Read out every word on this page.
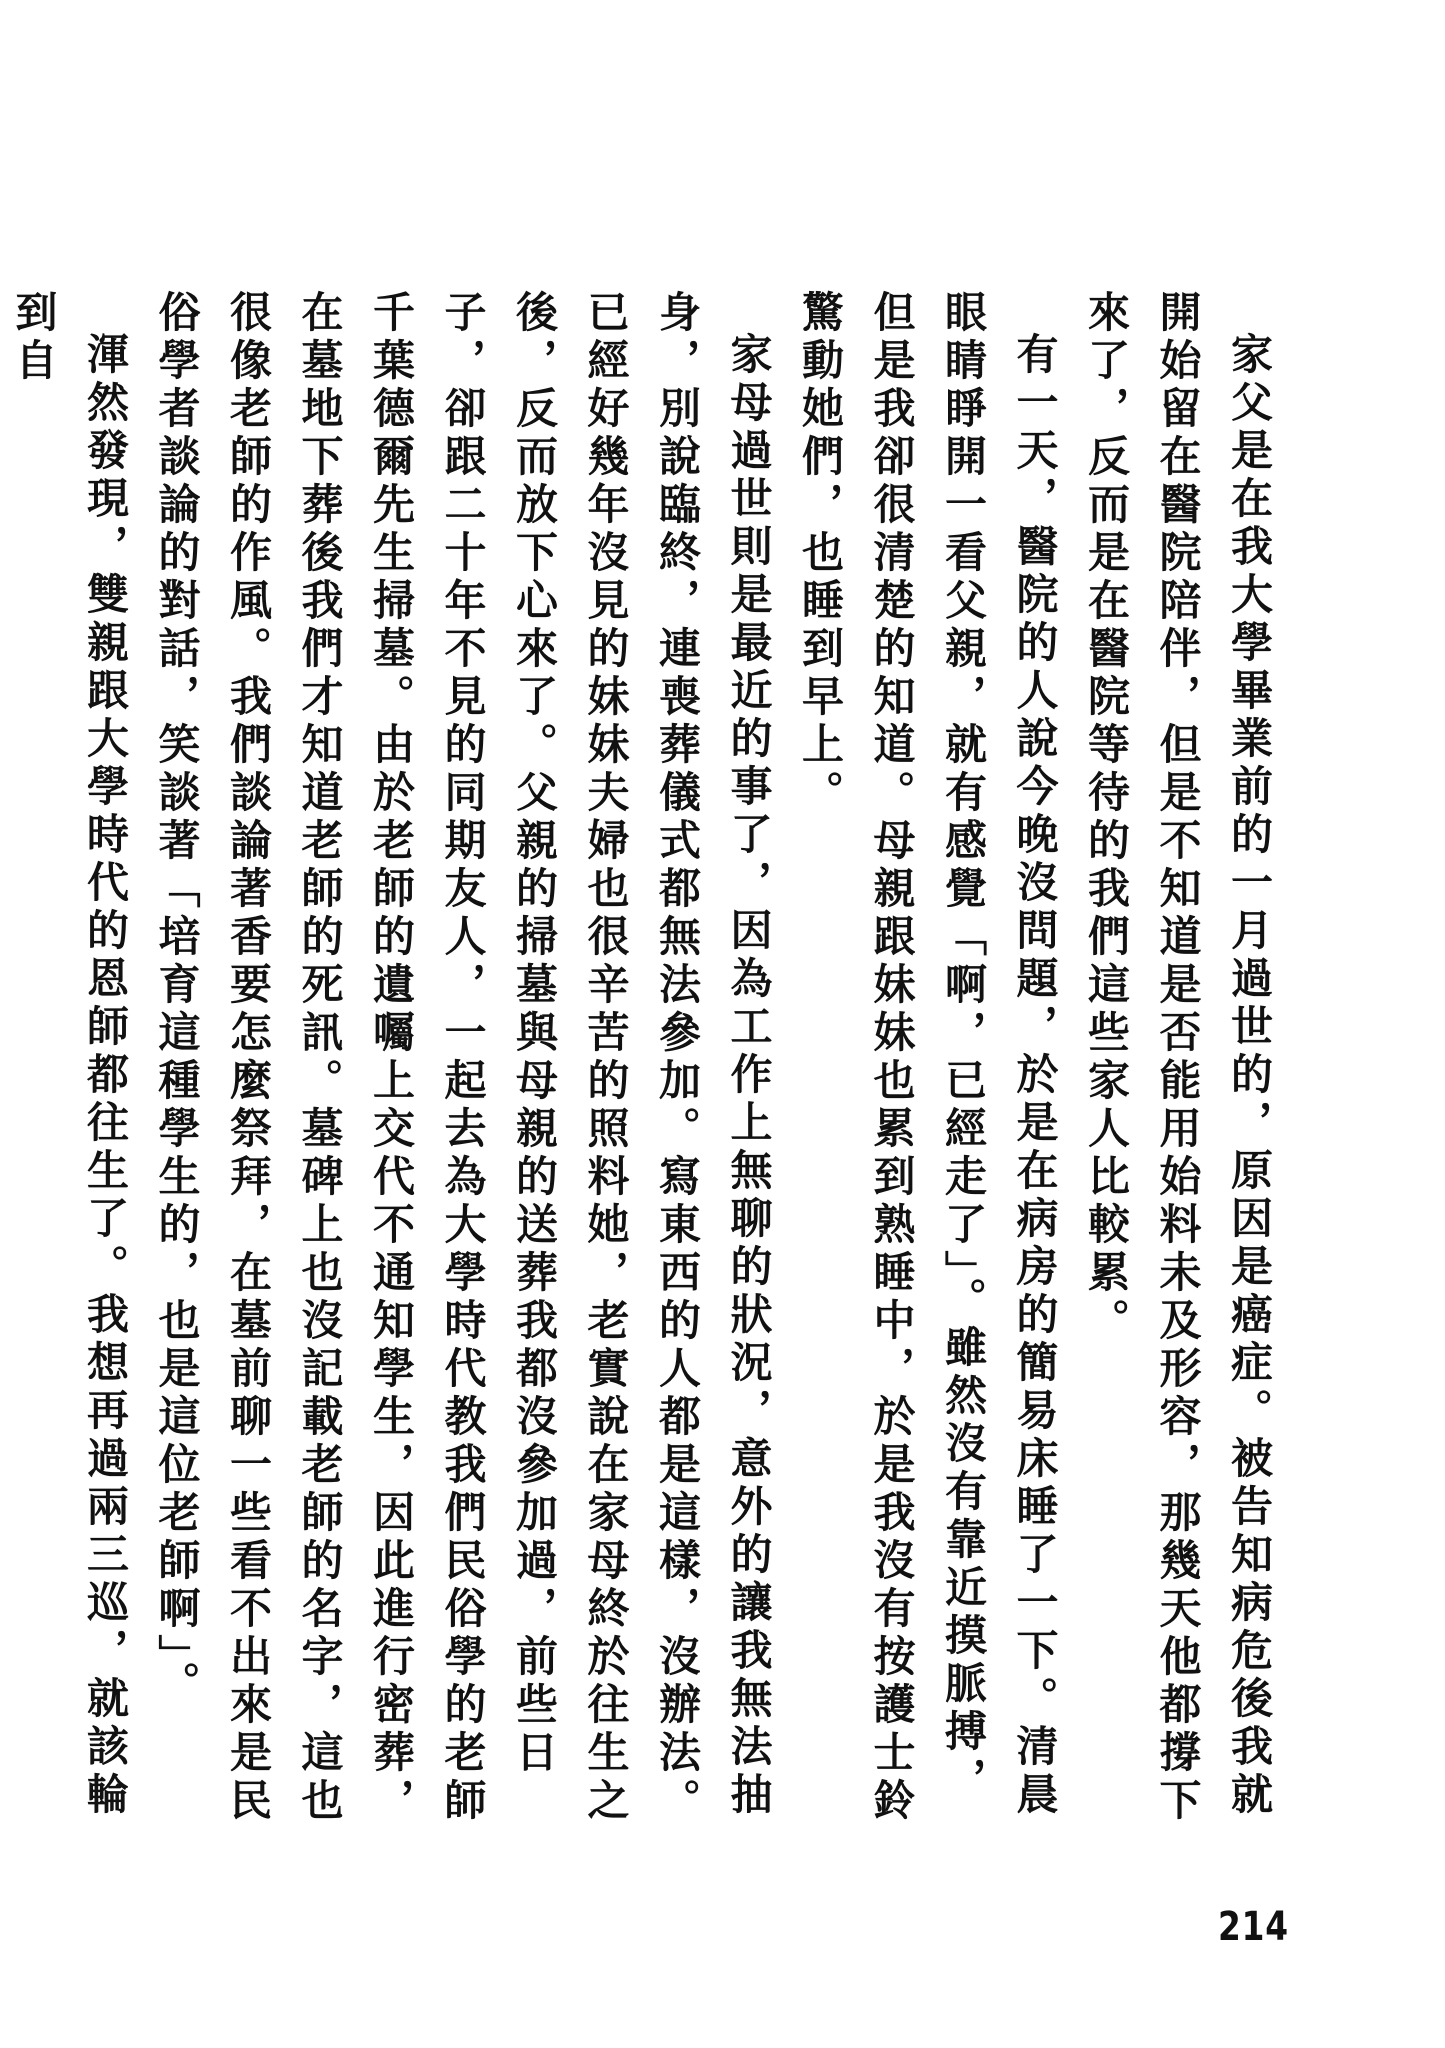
家父是在我大學畢業前的一月過世的，原因是癌症。被告知病危後我就開始留在醫院陪伴，但是不知道是否能用始料未及形容，那幾天他都撐下來了，反而是在醫院等待的我們這些家人比較累。

有一天，醫院的人說今晚沒問題，於是在病房的簡易床睡了一下。清晨眼睛睜開一看父親，就有感覺「啊，已經走了」。雖然沒有靠近摸脈搏，但是我卻很清楚的知道。母親跟妹妹也累到熟睡中，於是我沒有按護士鈴驚動她們，也睡到早上。

家母過世則是最近的事了，因為工作上無聊的狀況，意外的讓我無法抽身，別說臨終，連喪葬儀式都無法參加。寫東西的人都是這樣，沒辦法。已經好幾年沒見的妹妹夫婦也很辛苦的照料她，老實說在家母終於往生之後，反而放下心來了。父親的掃墓與母親的送葬我都沒參加過，前些日子，卻跟二十年不見的同期友人，一起去為大學時代教我們民俗學的老師千葉德爾先生掃墓。由於老師的遺囑上交代不通知學生，因此進行密葬，在墓地下葬後我們才知道老師的死訊。墓碑上也沒記載老師的名字，這也很像老師的作風。我們談論著香要怎麼祭拜，在墓前聊一些看不出來是民俗學者談論的對話，笑談著「培育這種學生的，也是這位老師啊」。

渾然發現，雙親跟大學時代的恩師都往生了。我想再過兩三巡，就該輪到自

214
